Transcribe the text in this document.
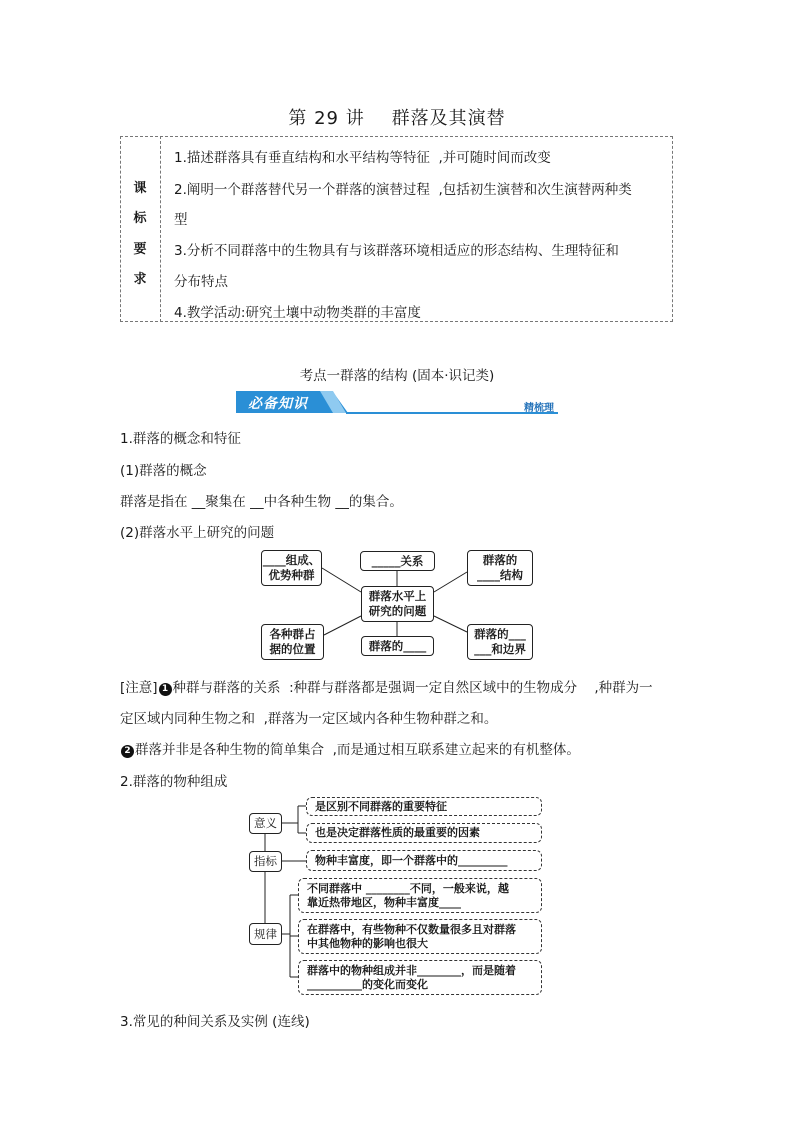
第 29 讲    群落及其演替
课
标
要
求
1.描述群落具有垂直结构和水平结构等特征  ,并可随时间而改变
2.阐明一个群落替代另一个群落的演替过程  ,包括初生演替和次生演替两种类
型
3.分析不同群落中的生物具有与该群落环境相适应的形态结构、生理特征和
分布特点
4.教学活动:研究土壤中动物类群的丰富度
考点一群落的结构 (固本·识记类)
必备知识	精梳理
1.群落的概念和特征
(1)群落的概念
群落是指在 __聚集在 __中各种生物 __的集合。
(2)群落水平上研究的问题
群落水平上
研究的问题
____组成、
优势种群
_____关系	群落的
____结构
各种群占
据的位置	群落的____
群落的___
___和边界
[注意] 1 种群与群落的关系  :种群与群落都是强调一定自然区域中的生物成分    ,种群为一
定区域内同种生物之和  ,群落为一定区域内各种生物种群之和。
2 群落并非是各种生物的简单集合  ,而是通过相互联系建立起来的有机整体。
2.群落的物种组成
意义
指标
规律
是区别不同群落的重要特征
也是决定群落性质的最重要的因素
物种丰富度，即一个群落中的_________
不同群落中 ________不同，一般来说，越
靠近热带地区，物种丰富度____
在群落中，有些物种不仅数量很多且对群落
中其他物种的影响也很大
群落中的物种组成并非________，而是随着
__________的变化而变化
3.常见的种间关系及实例 (连线)
